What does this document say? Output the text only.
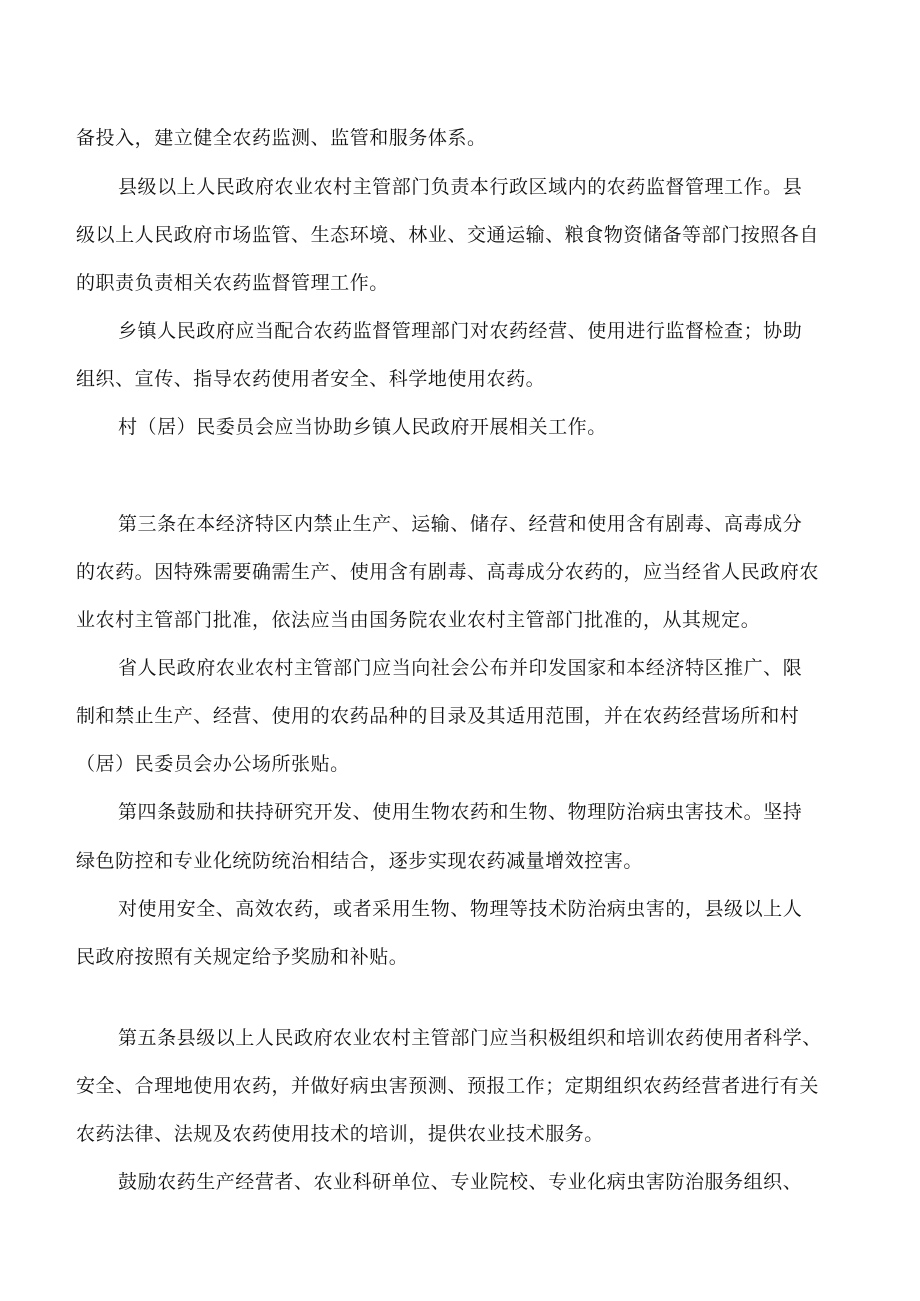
备投入，建立健全农药监测、监管和服务体系。
县级以上人民政府农业农村主管部门负责本行政区域内的农药监督管理工作。县
级以上人民政府市场监管、生态环境、林业、交通运输、粮食物资储备等部门按照各自
的职责负责相关农药监督管理工作。
乡镇人民政府应当配合农药监督管理部门对农药经营、使用进行监督检查；协助
组织、宣传、指导农药使用者安全、科学地使用农药。
村（居）民委员会应当协助乡镇人民政府开展相关工作。
第三条在本经济特区内禁止生产、运输、储存、经营和使用含有剧毒、高毒成分
的农药。因特殊需要确需生产、使用含有剧毒、高毒成分农药的，应当经省人民政府农
业农村主管部门批准，依法应当由国务院农业农村主管部门批准的，从其规定。
省人民政府农业农村主管部门应当向社会公布并印发国家和本经济特区推广、限
制和禁止生产、经营、使用的农药品种的目录及其适用范围，并在农药经营场所和村
（居）民委员会办公场所张贴。
第四条鼓励和扶持研究开发、使用生物农药和生物、物理防治病虫害技术。坚持
绿色防控和专业化统防统治相结合，逐步实现农药减量增效控害。
对使用安全、高效农药，或者采用生物、物理等技术防治病虫害的，县级以上人
民政府按照有关规定给予奖励和补贴。
第五条县级以上人民政府农业农村主管部门应当积极组织和培训农药使用者科学、
安全、合理地使用农药，并做好病虫害预测、预报工作；定期组织农药经营者进行有关
农药法律、法规及农药使用技术的培训，提供农业技术服务。
鼓励农药生产经营者、农业科研单位、专业院校、专业化病虫害防治服务组织、
